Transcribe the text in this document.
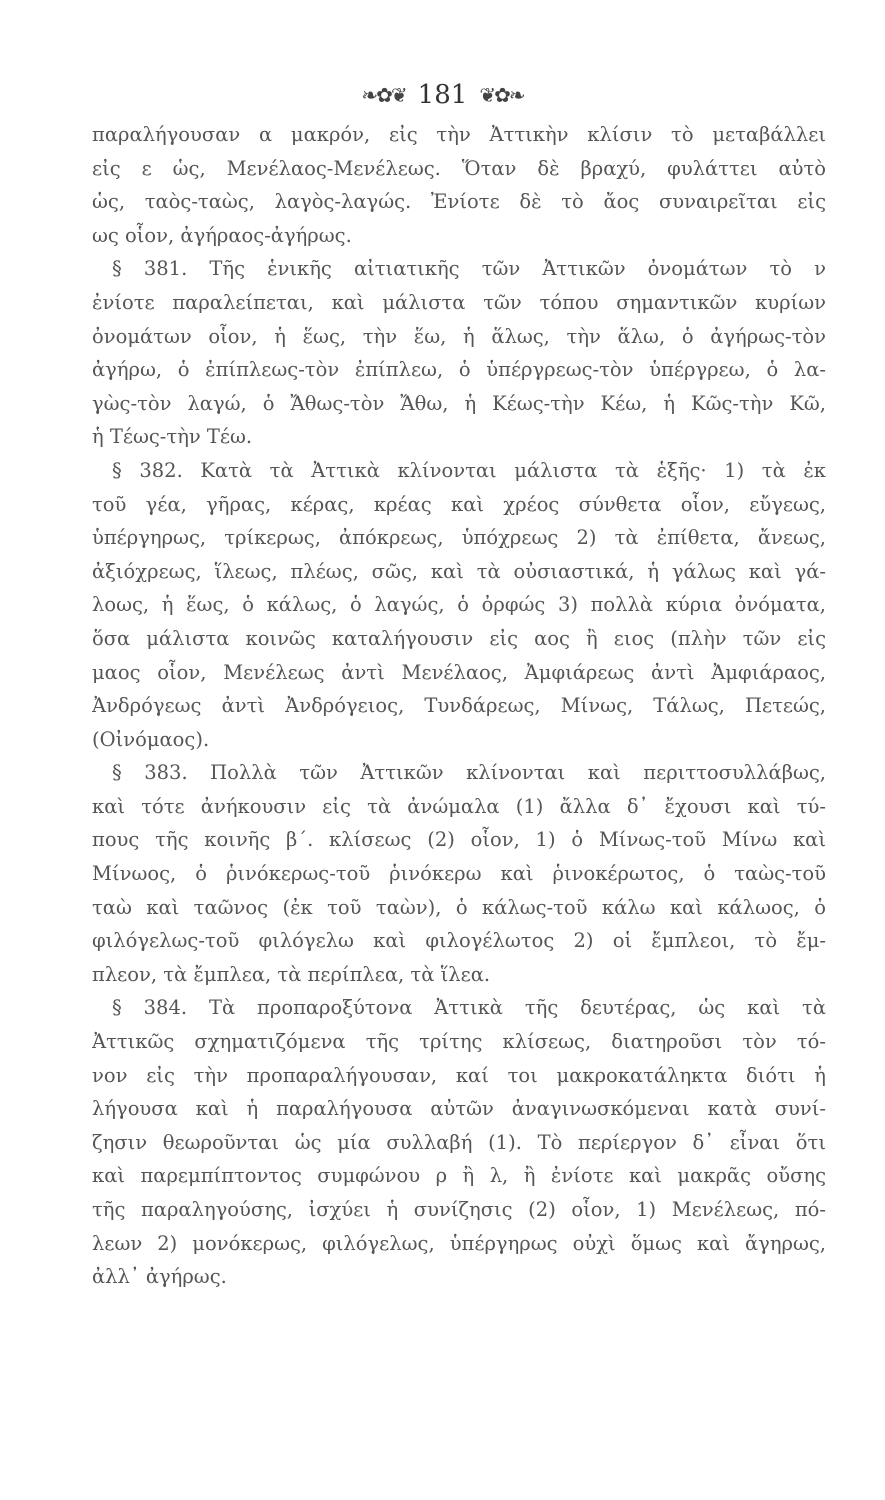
❧✿❦ 181 ❦✿❧
παραλήγουσαν α μακρόν, εἰς τὴν Ἀττικὴν κλίσιν τὸ μεταβάλλει
εἰς ε ὡς, Μενέλαος-Μενέλεως. Ὅταν δὲ βραχύ, φυλάττει αὐτὸ
ὡς, ταὸς-ταὼς, λαγὸς-λαγώς. Ἐνίοτε δὲ τὸ ἄος συναιρεῖται εἰς
ως οἷον, ἀγήραος-ἀγήρως.
§ 381. Τῆς ἑνικῆς αἰτιατικῆς τῶν Ἀττικῶν ὀνομάτων τὸ ν
ἐνίοτε παραλείπεται, καὶ μάλιστα τῶν τόπου σημαντικῶν κυρίων
ὀνομάτων οἷον, ἡ ἕως, τὴν ἕω, ἡ ἅλως, τὴν ἅλω, ὁ ἀγήρως-τὸν
ἀγήρω, ὁ ἐπίπλεως-τὸν ἐπίπλεω, ὁ ὑπέργρεως-τὸν ὑπέργρεω, ὁ λα-
γὼς-τὸν λαγώ, ὁ Ἄθως-τὸν Ἄθω, ἡ Κέως-τὴν Κέω, ἡ Κῶς-τὴν Κῶ,
ἡ Τέως-τὴν Τέω.
§ 382. Κατὰ τὰ Ἀττικὰ κλίνονται μάλιστα τὰ ἑξῆς· 1) τὰ ἐκ
τοῦ γέα, γῆρας, κέρας, κρέας καὶ χρέος σύνθετα οἷον, εὔγεως,
ὑπέργηρως, τρίκερως, ἀπόκρεως, ὑπόχρεως 2) τὰ ἐπίθετα, ἄνεως,
ἀξιόχρεως, ἵλεως, πλέως, σῶς, καὶ τὰ οὐσιαστικά, ἡ γάλως καὶ γά-
λοως, ἡ ἕως, ὁ κάλως, ὁ λαγώς, ὁ ὀρφώς 3) πολλὰ κύρια ὀνόματα,
ὅσα μάλιστα κοινῶς καταλήγουσιν εἰς αος ἢ ειος (πλὴν τῶν εἰς
μαος οἷον, Μενέλεως ἀντὶ Μενέλαος, Ἀμφιάρεως ἀντὶ Ἀμφιάραος,
Ἀνδρόγεως ἀντὶ Ἀνδρόγειος, Τυνδάρεως, Μίνως, Τάλως, Πετεώς,
(Οἰνόμαος).
§ 383. Πολλὰ τῶν Ἀττικῶν κλίνονται καὶ περιττοσυλλάβως,
καὶ τότε ἀνήκουσιν εἰς τὰ ἀνώμαλα (1) ἄλλα δ᾽ ἔχουσι καὶ τύ-
πους τῆς κοινῆς β΄. κλίσεως (2) οἷον, 1) ὁ Μίνως-τοῦ Μίνω καὶ
Μίνωος, ὁ ῥινόκερως-τοῦ ῥινόκερω καὶ ῥινοκέρωτος, ὁ ταὼς-τοῦ
ταὼ καὶ ταῶνος (ἐκ τοῦ ταὼν), ὁ κάλως-τοῦ κάλω καὶ κάλωος, ὁ
φιλόγελως-τοῦ φιλόγελω καὶ φιλογέλωτος 2) οἱ ἔμπλεοι, τὸ ἔμ-
πλεον, τὰ ἔμπλεα, τὰ περίπλεα, τὰ ἵλεα.
§ 384. Τὰ προπαροξύτονα Ἀττικὰ τῆς δευτέρας, ὡς καὶ τὰ
Ἀττικῶς σχηματιζόμενα τῆς τρίτης κλίσεως, διατηροῦσι τὸν τό-
νον εἰς τὴν προπαραλήγουσαν, καί τοι μακροκατάληκτα διότι ἡ
λήγουσα καὶ ἡ παραλήγουσα αὐτῶν ἀναγινωσκόμεναι κατὰ συνί-
ζησιν θεωροῦνται ὡς μία συλλαβή (1). Τὸ περίεργον δ᾽ εἶναι ὅτι
καὶ παρεμπίπτοντος συμφώνου ρ ἢ λ, ἢ ἐνίοτε καὶ μακρᾶς οὔσης
τῆς παραληγούσης, ἰσχύει ἡ συνίζησις (2) οἷον, 1) Μενέλεως, πό-
λεων 2) μονόκερως, φιλόγελως, ὑπέργηρως οὐχὶ ὅμως καὶ ἄγηρως,
ἀλλ᾽ ἀγήρως.
